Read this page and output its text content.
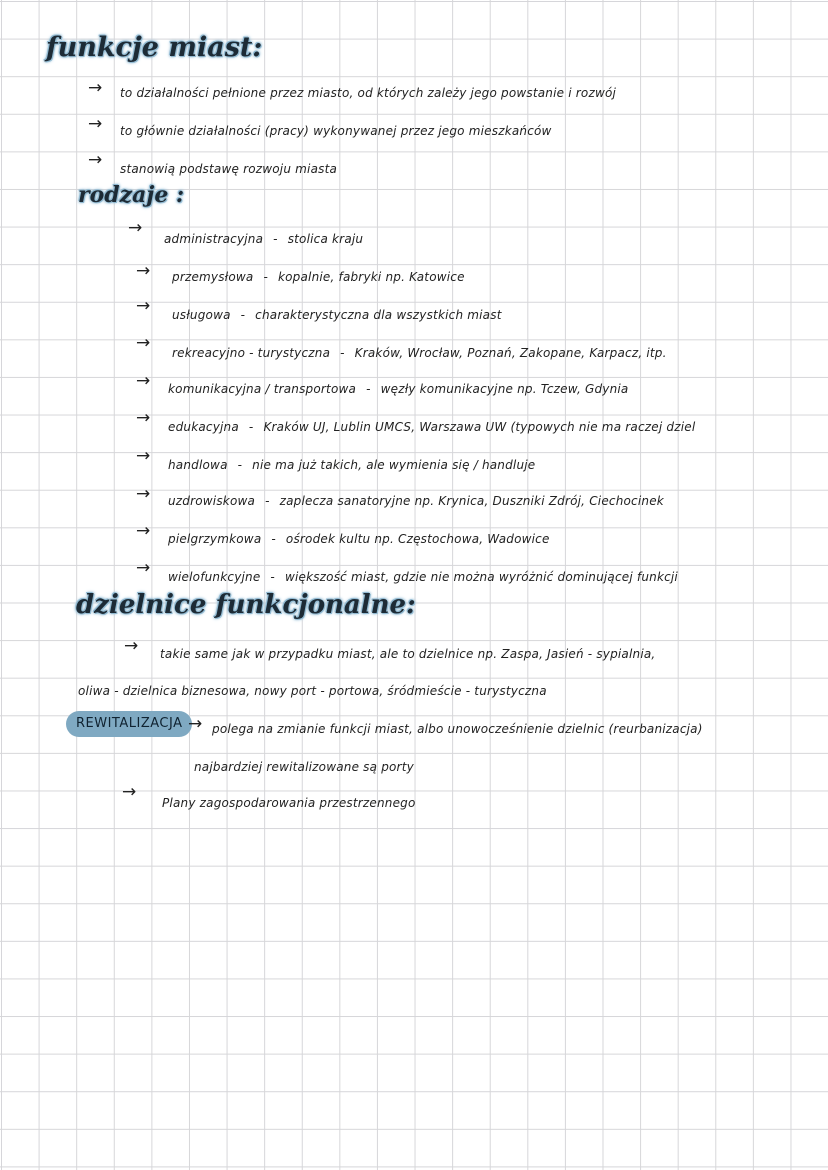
funkcje miast:
→ to działalności pełnione przez miasto, od których zależy jego powstanie i rozwój
→ to głównie działalności (pracy) wykonywanej przez jego mieszkańców
→ stanowią podstawę rozwoju miasta
rodzaje :
→
administracyjna - stolica kraju
→ przemysłowa - kopalnie, fabryki np. Katowice
→ usługowa - charakterystyczna dla wszystkich miast
→ rekreacyjno - turystyczna - Kraków, Wrocław, Poznań, Zakopane, Karpacz, itp.
→ komunikacyjna / transportowa - węzły komunikacyjne np. Tczew, Gdynia
→ edukacyjna - Kraków UJ, Lublin UMCS, Warszawa UW (typowych nie ma raczej dziel
→ handlowa - nie ma już takich, ale wymienia się / handluje
→ uzdrowiskowa - zaplecza sanatoryjne np. Krynica, Duszniki Zdrój, Ciechocinek
→ pielgrzymkowa - ośrodek kultu np. Częstochowa, Wadowice
→ wielofunkcyjne - większość miast, gdzie nie można wyróżnić dominującej funkcji
dzielnice funkcjonalne:
→ takie same jak w przypadku miast, ale to dzielnice np. Zaspa, Jasień - sypialnia,
oliwa - dzielnica biznesowa, nowy port - portowa, śródmieście - turystyczna
REWITALIZACJA → polega na zmianie funkcji miast, albo unowocześnienie dzielnic (reurbanizacja)
najbardziej rewitalizowane są porty
→
Plany zagospodarowania przestrzennego
